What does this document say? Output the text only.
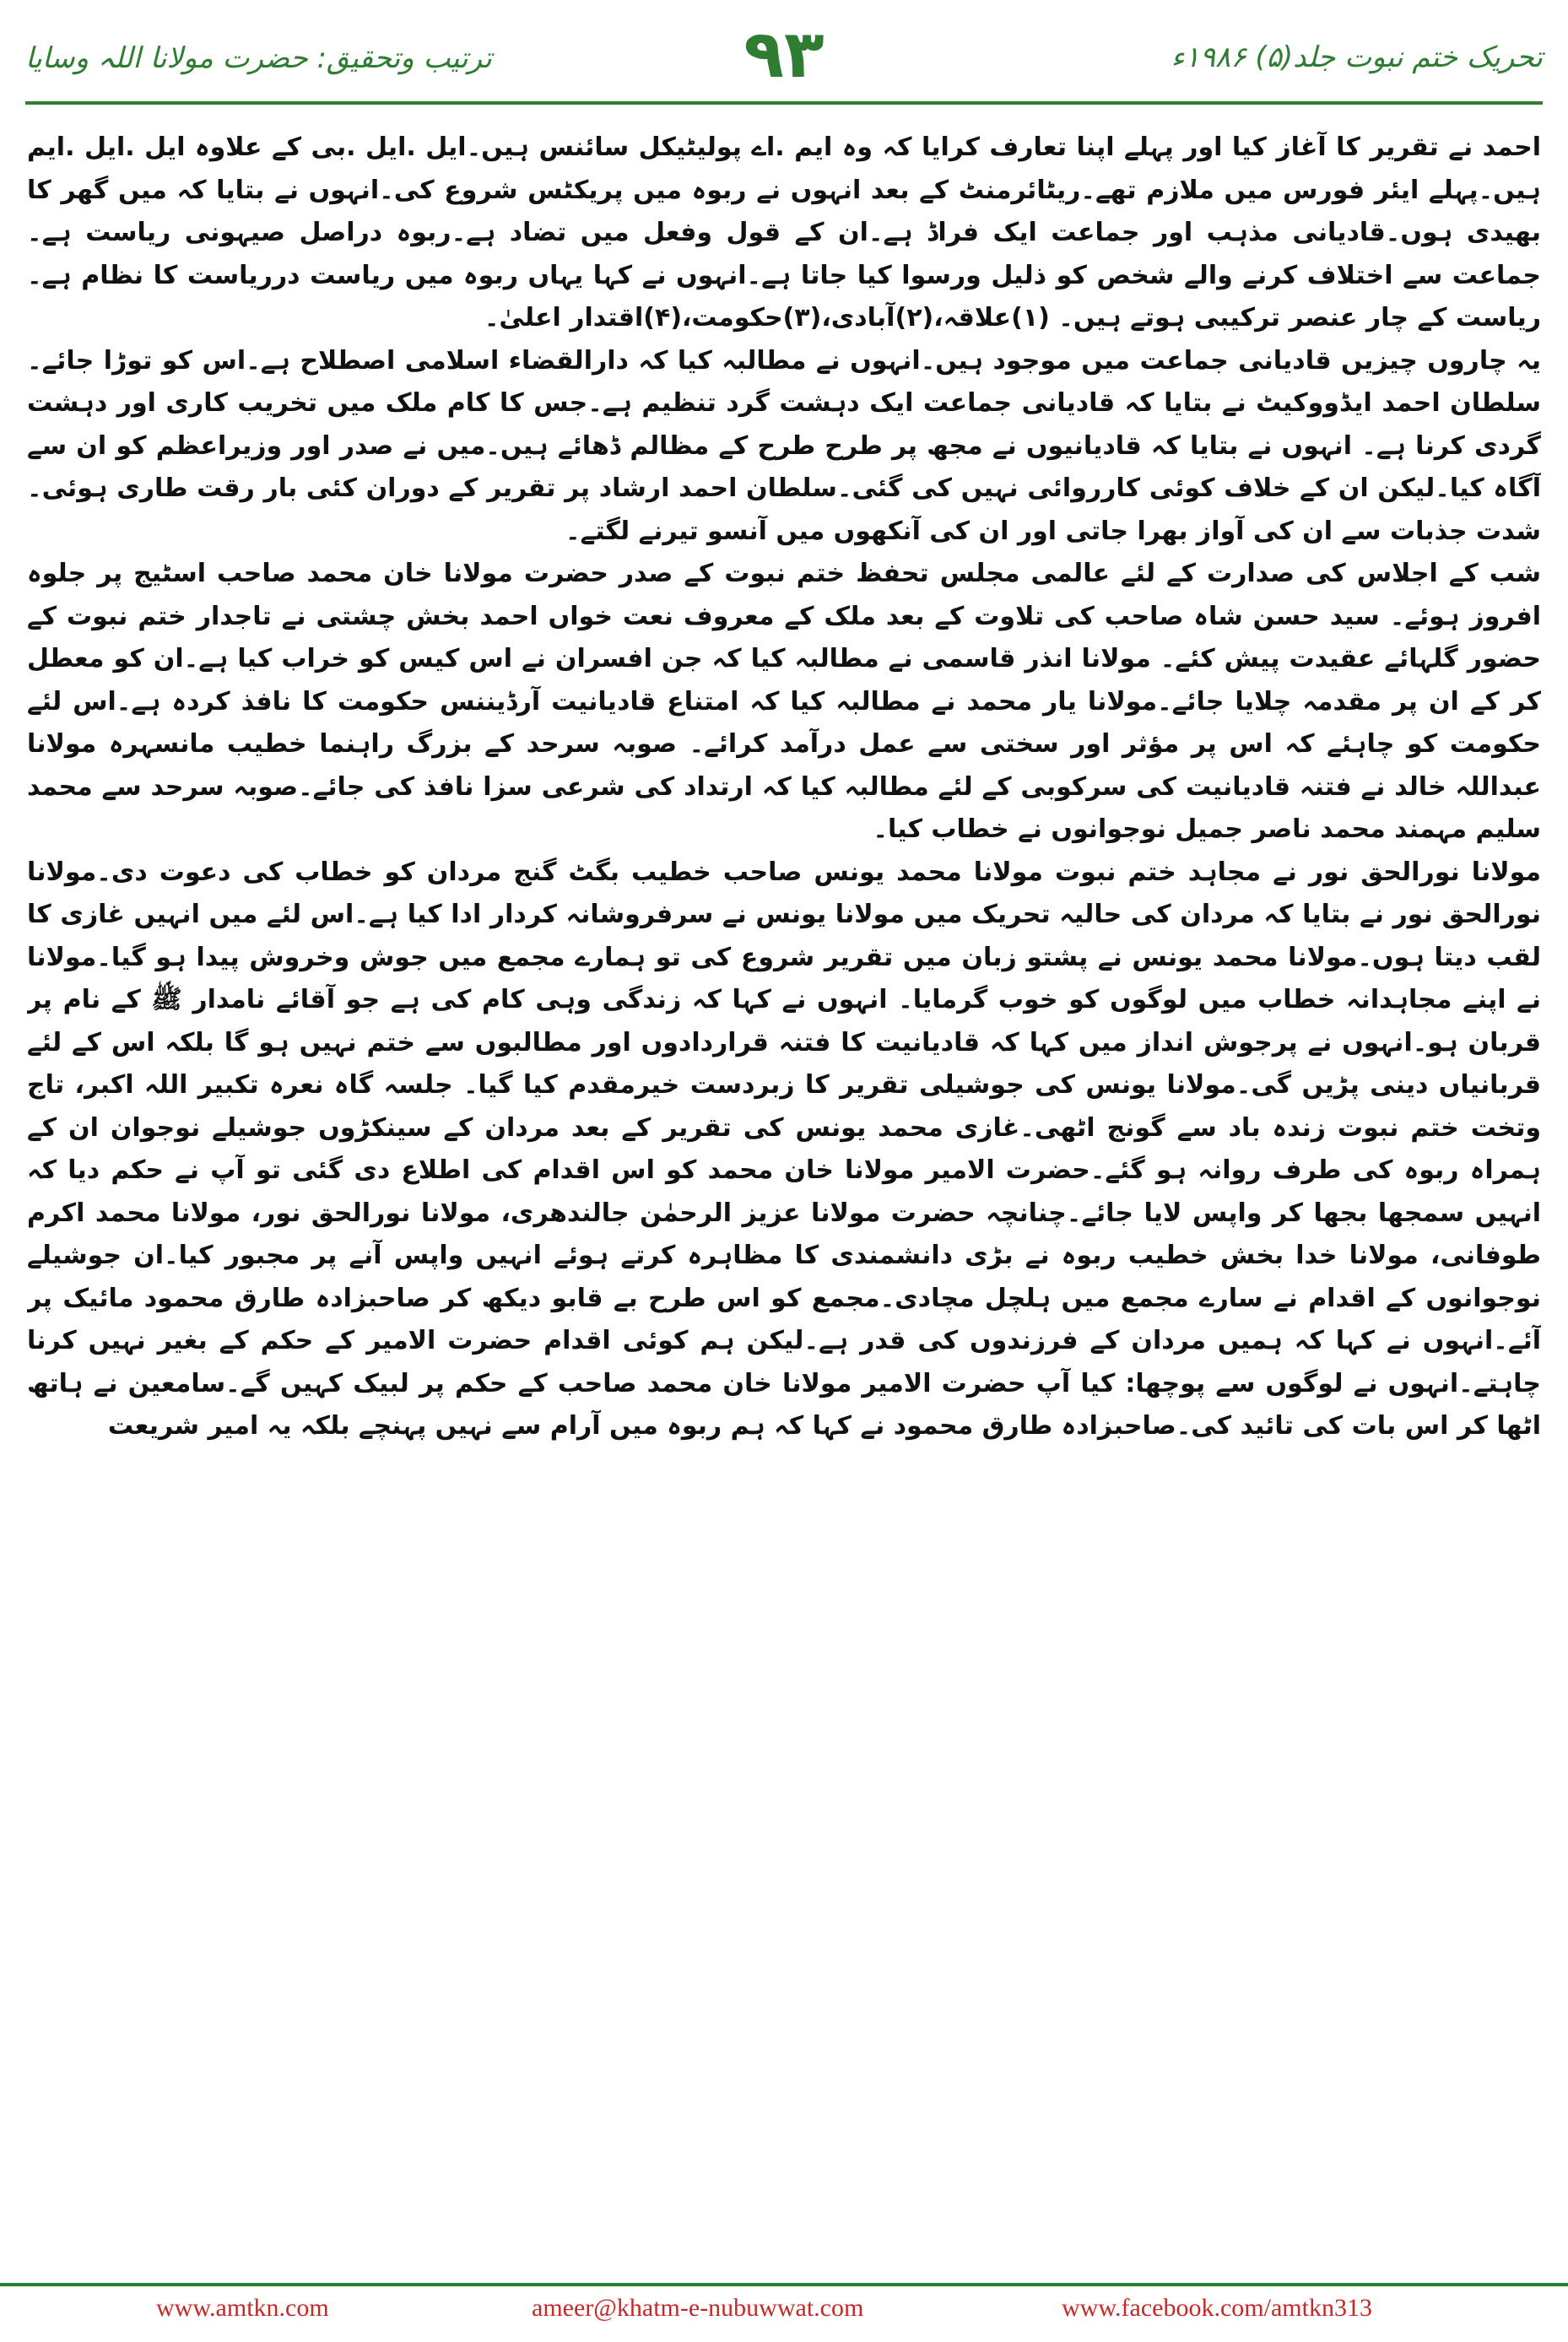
ترتیب وتحقیق: حضرت مولانا اللہ وسایا	۹۳	تحریک ختم نبوت جلد(۵) ۱۹۸۶ء

احمد نے تقریر کا آغاز کیا اور پہلے اپنا تعارف کرایا کہ وہ ایم .اے پولیٹیکل سائنس ہیں۔ایل .ایل .بی کے علاوہ ایل .ایل .ایم ہیں۔پہلے ایئر فورس میں ملازم تھے۔ریٹائرمنٹ کے بعد انہوں نے ربوہ میں پریکٹس شروع کی۔انہوں نے بتایا کہ میں گھر کا بھیدی ہوں۔قادیانی مذہب اور جماعت ایک فراڈ ہے۔ان کے قول وفعل میں تضاد ہے۔ربوہ دراصل صیہونی ریاست ہے۔جماعت سے اختلاف کرنے والے شخص کو ذلیل ورسوا کیا جاتا ہے۔انہوں نے کہا یہاں ربوہ میں ریاست درریاست کا نظام ہے۔ریاست کے چار عنصر ترکیبی ہوتے ہیں۔ (۱)علاقہ،(۲)آبادی،(۳)حکومت،(۴)اقتدار اعلیٰ۔

یہ چاروں چیزیں قادیانی جماعت میں موجود ہیں۔انہوں نے مطالبہ کیا کہ دارالقضاء اسلامی اصطلاح ہے۔اس کو توڑا جائے۔ سلطان احمد ایڈووکیٹ نے بتایا کہ قادیانی جماعت ایک دہشت گرد تنظیم ہے۔جس کا کام ملک میں تخریب کاری اور دہشت گردی کرنا ہے۔ انہوں نے بتایا کہ قادیانیوں نے مجھ پر طرح طرح کے مظالم ڈھائے ہیں۔میں نے صدر اور وزیراعظم کو ان سے آگاہ کیا۔لیکن ان کے خلاف کوئی کارروائی نہیں کی گئی۔سلطان احمد ارشاد پر تقریر کے دوران کئی بار رقت طاری ہوئی۔شدت جذبات سے ان کی آواز بھرا جاتی اور ان کی آنکھوں میں آنسو تیرنے لگتے۔

شب کے اجلاس کی صدارت کے لئے عالمی مجلس تحفظ ختم نبوت کے صدر حضرت مولانا خان محمد صاحب اسٹیج پر جلوہ افروز ہوئے۔ سید حسن شاہ صاحب کی تلاوت کے بعد ملک کے معروف نعت خواں احمد بخش چشتی نے تاجدار ختم نبوت کے حضور گلہائے عقیدت پیش کئے۔ مولانا انذر قاسمی نے مطالبہ کیا کہ جن افسران نے اس کیس کو خراب کیا ہے۔ان کو معطل کر کے ان پر مقدمہ چلایا جائے۔مولانا یار محمد نے مطالبہ کیا کہ امتناع قادیانیت آرڈیننس حکومت کا نافذ کردہ ہے۔اس لئے حکومت کو چاہئے کہ اس پر مؤثر اور سختی سے عمل درآمد کرائے۔ صوبہ سرحد کے بزرگ راہنما خطیب مانسہرہ مولانا عبداللہ خالد نے فتنہ قادیانیت کی سرکوبی کے لئے مطالبہ کیا کہ ارتداد کی شرعی سزا نافذ کی جائے۔صوبہ سرحد سے محمد سلیم مہمند محمد ناصر جمیل نوجوانوں نے خطاب کیا۔

مولانا نورالحق نور نے مجاہد ختم نبوت مولانا محمد یونس صاحب خطیب بگٹ گنج مردان کو خطاب کی دعوت دی۔مولانا نورالحق نور نے بتایا کہ مردان کی حالیہ تحریک میں مولانا یونس نے سرفروشانہ کردار ادا کیا ہے۔اس لئے میں انہیں غازی کا لقب دیتا ہوں۔مولانا محمد یونس نے پشتو زبان میں تقریر شروع کی تو ہمارے مجمع میں جوش وخروش پیدا ہو گیا۔مولانا نے اپنے مجاہدانہ خطاب میں لوگوں کو خوب گرمایا۔ انہوں نے کہا کہ زندگی وہی کام کی ہے جو آقائے نامدار ﷺ کے نام پر قربان ہو۔انہوں نے پرجوش انداز میں کہا کہ قادیانیت کا فتنہ قراردادوں اور مطالبوں سے ختم نہیں ہو گا بلکہ اس کے لئے قربانیاں دینی پڑیں گی۔مولانا یونس کی جوشیلی تقریر کا زبردست خیرمقدم کیا گیا۔ جلسہ گاہ نعرہ تکبیر اللہ اکبر، تاج وتخت ختم نبوت زندہ باد سے گونج اٹھی۔غازی محمد یونس کی تقریر کے بعد مردان کے سینکڑوں جوشیلے نوجوان ان کے ہمراہ ربوہ کی طرف روانہ ہو گئے۔حضرت الامیر مولانا خان محمد کو اس اقدام کی اطلاع دی گئی تو آپ نے حکم دیا کہ انہیں سمجھا بجھا کر واپس لایا جائے۔چنانچہ حضرت مولانا عزیز الرحمٰن جالندھری، مولانا نورالحق نور، مولانا محمد اکرم طوفانی، مولانا خدا بخش خطیب ربوہ نے بڑی دانشمندی کا مظاہرہ کرتے ہوئے انہیں واپس آنے پر مجبور کیا۔ان جوشیلے نوجوانوں کے اقدام نے سارے مجمع میں ہلچل مچادی۔مجمع کو اس طرح بے قابو دیکھ کر صاحبزادہ طارق محمود مائیک پر آئے۔انہوں نے کہا کہ ہمیں مردان کے فرزندوں کی قدر ہے۔لیکن ہم کوئی اقدام حضرت الامیر کے حکم کے بغیر نہیں کرنا چاہتے۔انہوں نے لوگوں سے پوچھا: کیا آپ حضرت الامیر مولانا خان محمد صاحب کے حکم پر لبیک کہیں گے۔سامعین نے ہاتھ اٹھا کر اس بات کی تائید کی۔صاحبزادہ طارق محمود نے کہا کہ ہم ربوہ میں آرام سے نہیں پہنچے بلکہ یہ امیر شریعت

www.amtkn.com	ameer@khatm-e-nubuwwat.com	www.facebook.com/amtkn313
